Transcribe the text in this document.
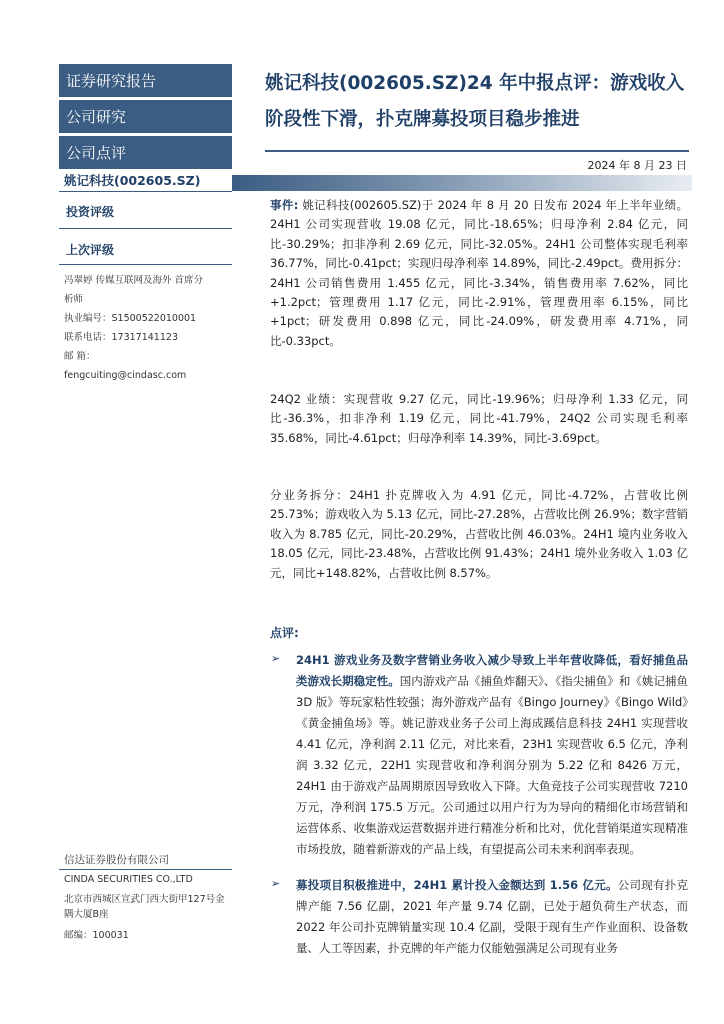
证券研究报告
公司研究
公司点评
姚记科技(002605.SZ)
投资评级
上次评级
冯翠婷 传媒互联网及海外 首席分
析师
执业编号：S1500522010001
联系电话：17317141123
邮 箱：
fengcuiting@cindasc.com
信达证券股份有限公司
CINDA SECURITIES CO.,LTD
北京市西城区宣武门西大街甲127号金隅大厦B座
邮编：100031
姚记科技(002605.SZ)24 年中报点评：游戏收入阶段性下滑，扑克牌募投项目稳步推进
2024 年 8 月 23 日
事件: 姚记科技(002605.SZ)于 2024 年 8 月 20 日发布 2024 年上半年业绩。24H1 公司实现营收 19.08 亿元，同比-18.65%；归母净利 2.84 亿元，同比-30.29%；扣非净利 2.69 亿元，同比-32.05%。24H1 公司整体实现毛利率 36.77%，同比-0.41pct；实现归母净利率 14.89%，同比-2.49pct。费用拆分：24H1 公司销售费用 1.455 亿元，同比-3.34%，销售费用率 7.62%，同比+1.2pct；管理费用 1.17 亿元，同比-2.91%，管理费用率 6.15%，同比+1pct；研发费用 0.898 亿元，同比-24.09%，研发费用率 4.71%，同比-0.33pct。
24Q2 业绩：实现营收 9.27 亿元，同比-19.96%；归母净利 1.33 亿元，同比-36.3%，扣非净利 1.19 亿元，同比-41.79%，24Q2 公司实现毛利率 35.68%，同比-4.61pct；归母净利率 14.39%，同比-3.69pct。
分业务拆分：24H1 扑克牌收入为 4.91 亿元，同比-4.72%，占营收比例 25.73%；游戏收入为 5.13 亿元，同比-27.28%，占营收比例 26.9%；数字营销收入为 8.785 亿元，同比-20.29%，占营收比例 46.03%。24H1 境内业务收入 18.05 亿元，同比-23.48%，占营收比例 91.43%；24H1 境外业务收入 1.03 亿元，同比+148.82%，占营收比例 8.57%。
点评:
➢ 24H1 游戏业务及数字营销业务收入减少导致上半年营收降低，看好捕鱼品类游戏长期稳定性。国内游戏产品《捕鱼炸翻天》、《指尖捕鱼》和《姚记捕鱼 3D 版》等玩家粘性较强；海外游戏产品有《Bingo Journey》《Bingo Wild》《黄金捕鱼场》等。姚记游戏业务子公司上海成蹊信息科技 24H1 实现营收 4.41 亿元，净利润 2.11 亿元，对比来看，23H1 实现营收 6.5 亿元，净利润 3.32 亿元，22H1 实现营收和净利润分别为 5.22 亿和 8426 万元，24H1 由于游戏产品周期原因导致收入下降。大鱼竞技子公司实现营收 7210 万元，净利润 175.5 万元。公司通过以用户行为为导向的精细化市场营销和运营体系、收集游戏运营数据并进行精准分析和比对，优化营销渠道实现精准市场投放，随着新游戏的产品上线，有望提高公司未来利润率表现。
➢ 募投项目积极推进中，24H1 累计投入金额达到 1.56 亿元。公司现有扑克牌产能 7.56 亿副，2021 年产量 9.74 亿副，已处于超负荷生产状态，而 2022 年公司扑克牌销量实现 10.4 亿副，受限于现有生产作业面积、设备数量、人工等因素，扑克牌的年产能力仅能勉强满足公司现有业务
